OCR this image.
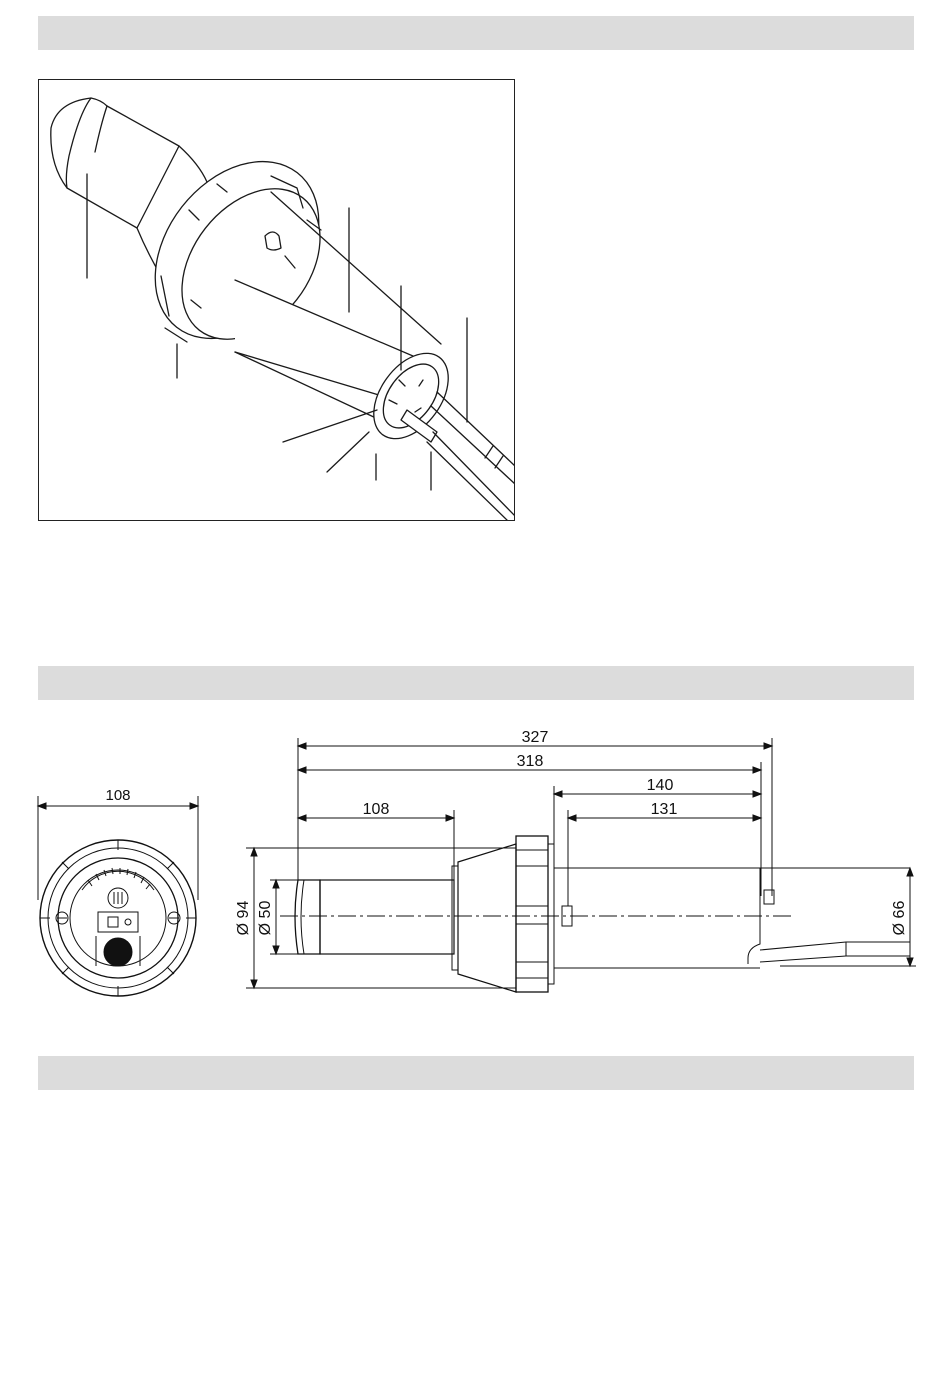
108
327
318
140
108	131
Ø 94 Ø 50	Ø 66
